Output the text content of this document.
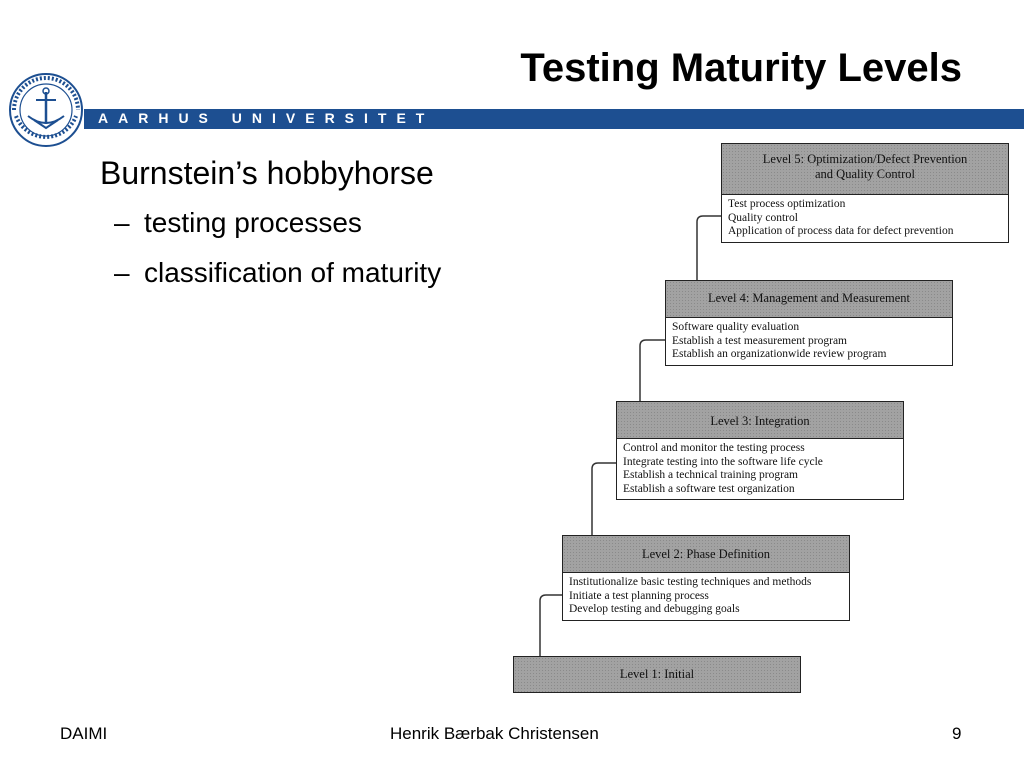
Testing Maturity Levels
AARHUS UNIVERSITET
Burnstein’s hobbyhorse
– testing processes
– classification of maturity
Level 5: Optimization/Defect Prevention
and Quality Control
Test process optimization
Quality control
Application of process data for defect prevention
Level 4: Management and Measurement
Software quality evaluation
Establish a test measurement program
Establish an organizationwide review program
Level 3: Integration
Control and monitor the testing process
Integrate testing into the software life cycle
Establish a technical training program
Establish a software test organization
Level 2: Phase Definition
Institutionalize basic testing techniques and methods
Initiate a test planning process
Develop testing and debugging goals
Level 1: Initial
DAIMI	Henrik Bærbak Christensen	9
